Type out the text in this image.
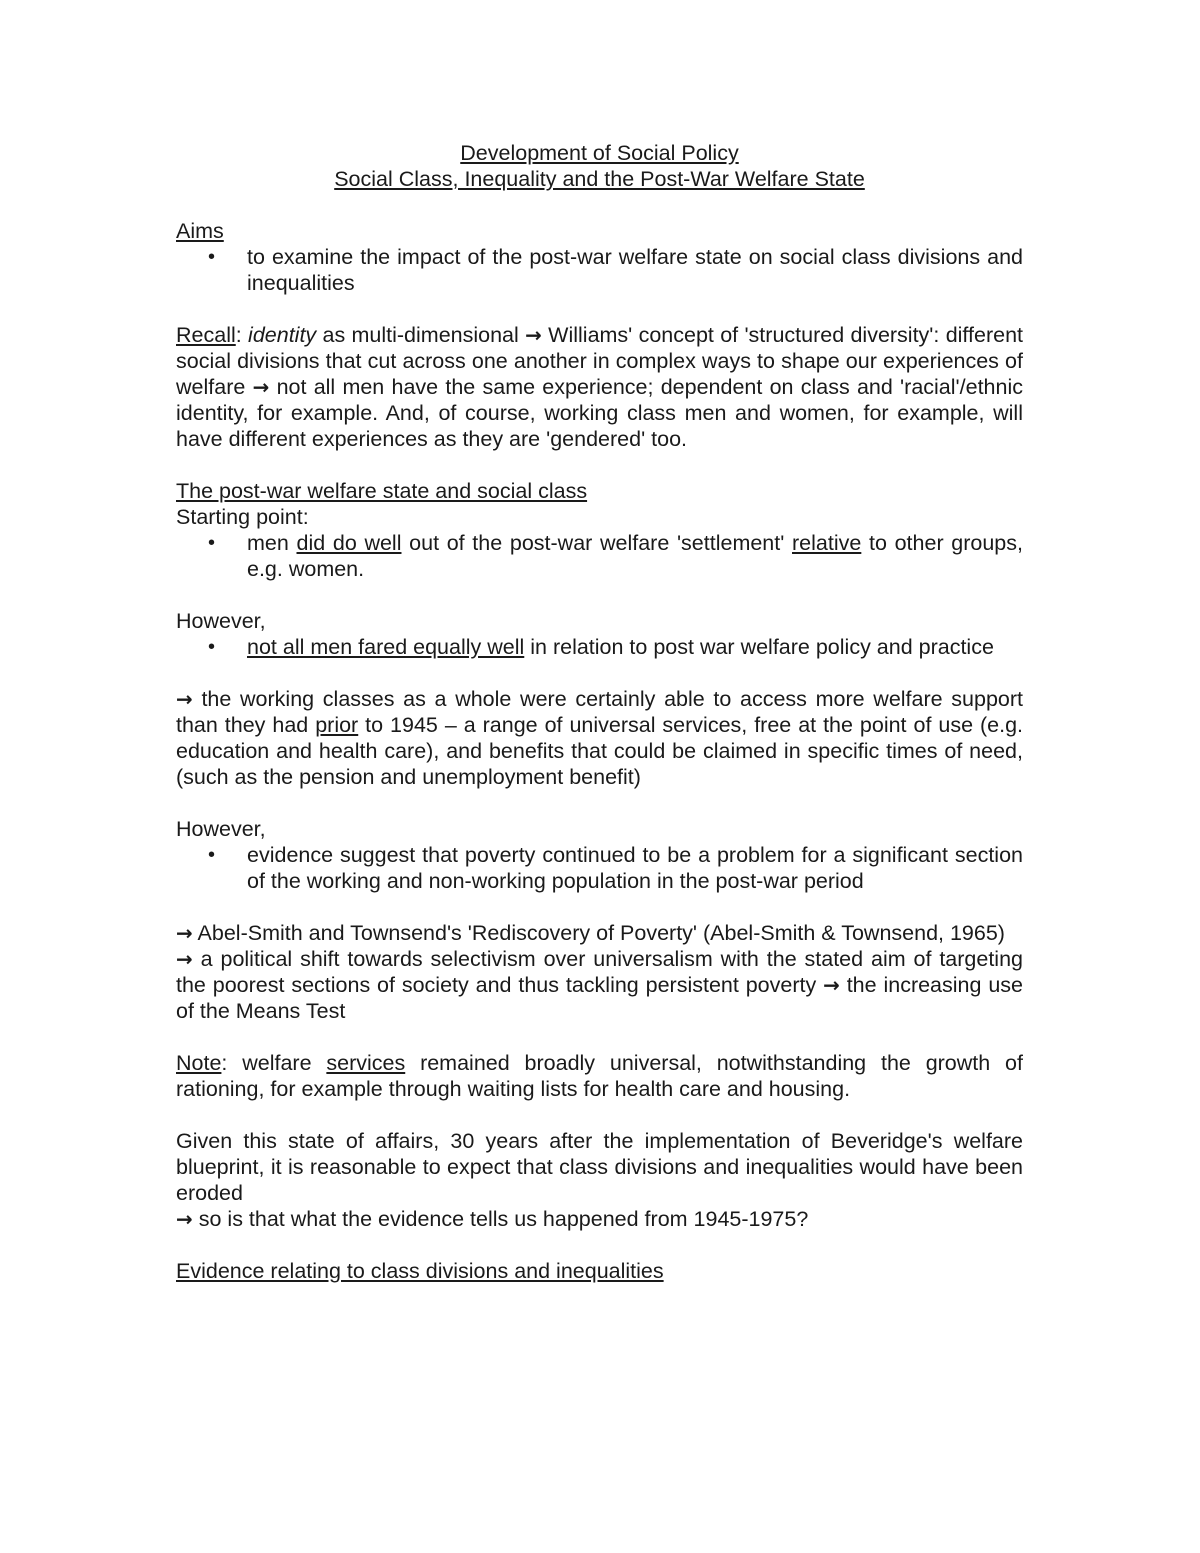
Development of Social Policy
Social Class, Inequality and the Post-War Welfare State

Aims

•	to examine the impact of the post-war welfare state on social class divisions and inequalities

Recall: identity as multi-dimensional → Williams' concept of 'structured diversity': different social divisions that cut across one another in complex ways to shape our experiences of welfare → not all men have the same experience; dependent on class and 'racial'/ethnic identity, for example. And, of course, working class men and women, for example, will have different experiences as they are 'gendered' too.

The post-war welfare state and social class

Starting point:

•	men did do well out of the post-war welfare 'settlement' relative to other groups, e.g. women.

However,

•	not all men fared equally well in relation to post war welfare policy and practice

→ the working classes as a whole were certainly able to access more welfare support than they had prior to 1945 – a range of universal services, free at the point of use (e.g. education and health care), and benefits that could be claimed in specific times of need, (such as the pension and unemployment benefit)

However,

•	evidence suggest that poverty continued to be a problem for a significant section of the working and non-working population in the post-war period

→ Abel-Smith and Townsend's 'Rediscovery of Poverty' (Abel-Smith & Townsend, 1965)

→ a political shift towards selectivism over universalism with the stated aim of targeting the poorest sections of society and thus tackling persistent poverty → the increasing use of the Means Test

Note: welfare services remained broadly universal, notwithstanding the growth of rationing, for example through waiting lists for health care and housing.

Given this state of affairs, 30 years after the implementation of Beveridge's welfare blueprint, it is reasonable to expect that class divisions and inequalities would have been eroded

→ so is that what the evidence tells us happened from 1945-1975?

Evidence relating to class divisions and inequalities
